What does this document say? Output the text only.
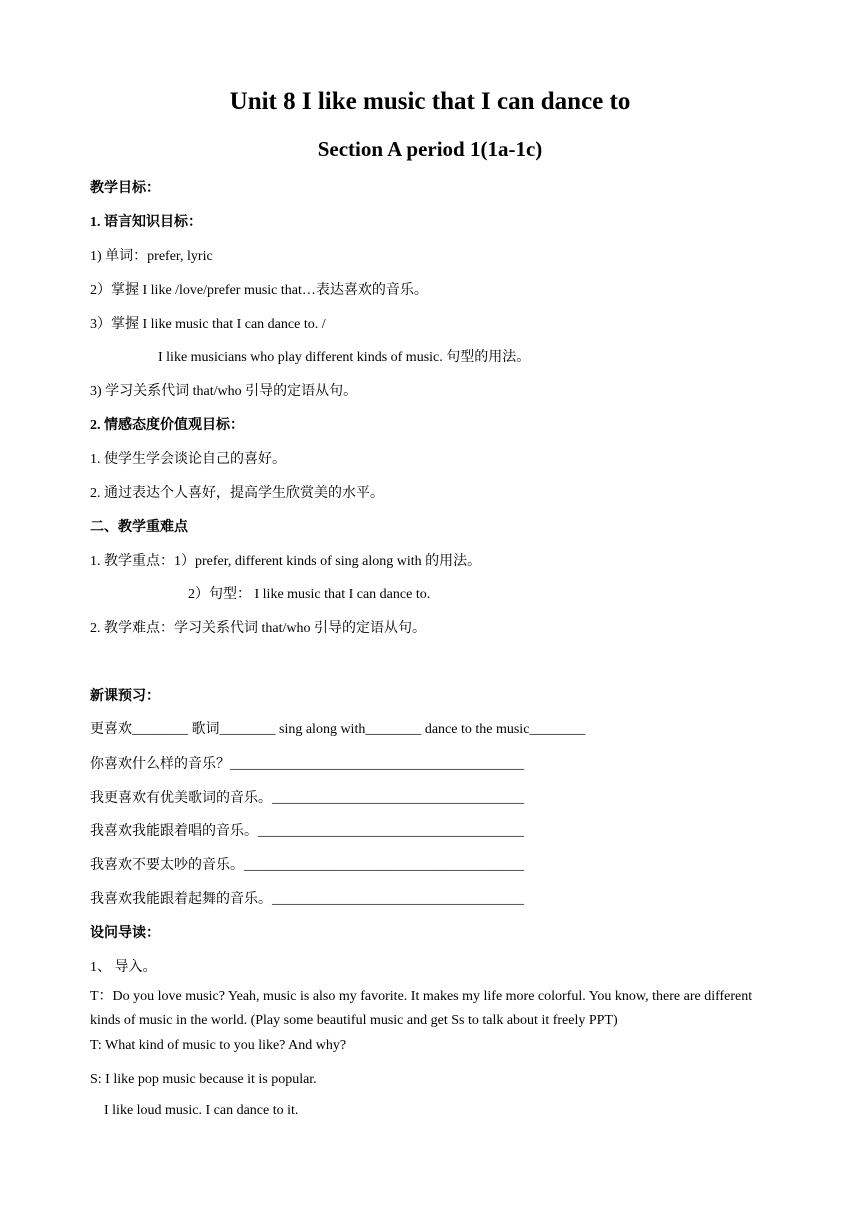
Unit 8 I like music that I can dance to
Section A period 1(1a-1c)
教学目标：
1. 语言知识目标：
1) 单词：prefer, lyric
2）掌握 I like /love/prefer music that…表达喜欢的音乐。
3）掌握 I like music that I can dance to. /
I like musicians who play different kinds of music. 句型的用法。
3) 学习关系代词 that/who 引导的定语从句。
2. 情感态度价值观目标：
1. 使学生学会谈论自己的喜好。
2. 通过表达个人喜好，提高学生欣赏美的水平。
二、教学重难点
1. 教学重点：1）prefer, different kinds of sing along with 的用法。
2）句型： I like music that I can dance to.
2. 教学难点：学习关系代词 that/who 引导的定语从句。
新课预习：
更喜欢________ 歌词________ sing along with________ dance to the music________
你喜欢什么样的音乐？__________________________________________
我更喜欢有优美歌词的音乐。____________________________________
我喜欢我能跟着唱的音乐。______________________________________
我喜欢不要太吵的音乐。________________________________________
我喜欢我能跟着起舞的音乐。____________________________________
设问导读：
1、 导入。
T：Do you love music? Yeah, music is also my favorite. It makes my life more colorful. You know, there are different kinds of music in the world. (Play some beautiful music and get Ss to talk about it freely PPT)
T: What kind of music to you like? And why?
S: I like pop music because it is popular.
I like loud music. I can dance to it.
